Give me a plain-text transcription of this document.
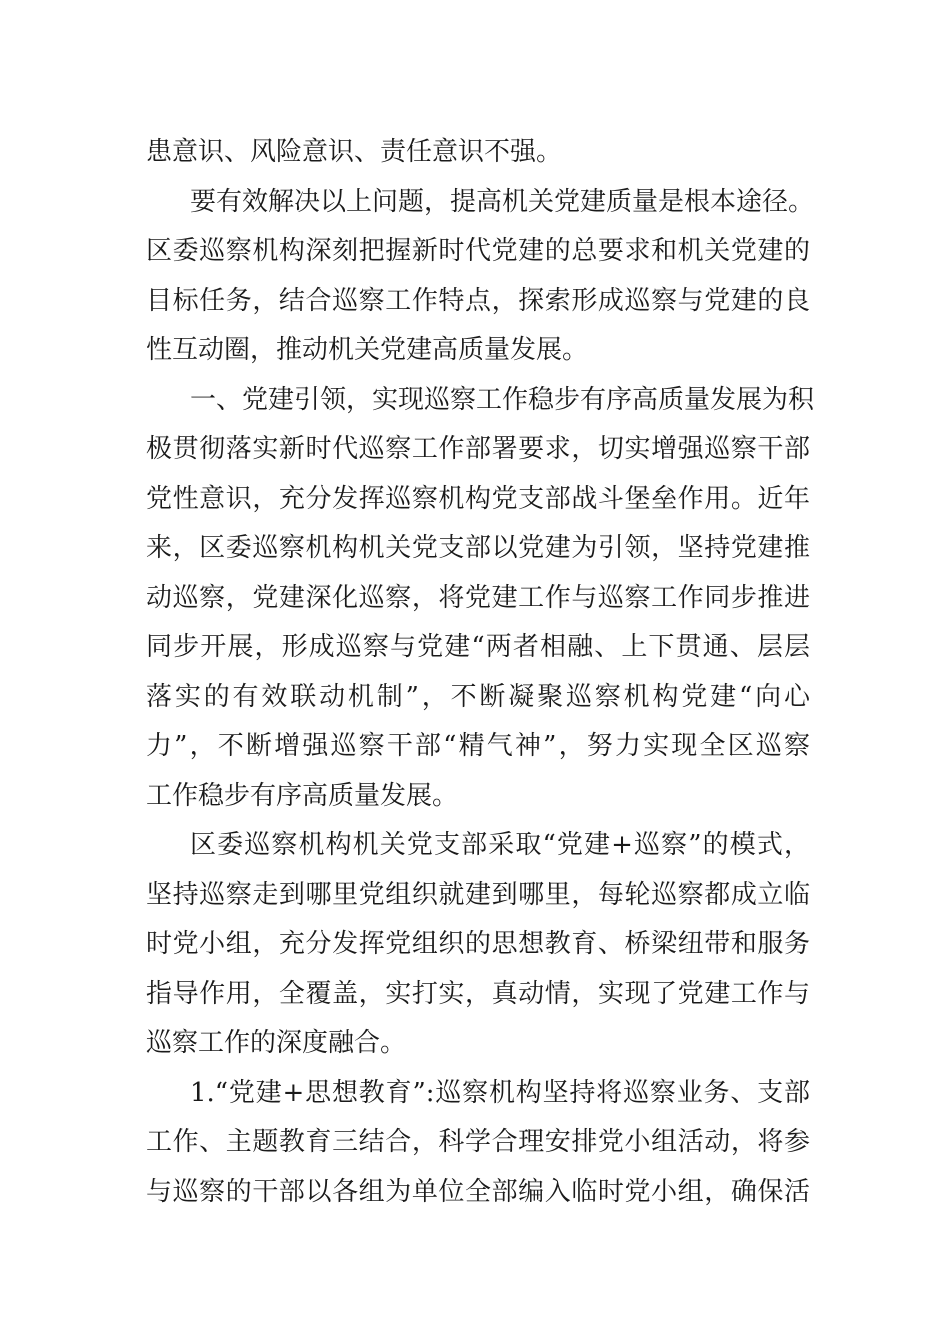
患意识、风险意识、责任意识不强。
要有效解决以上问题，提高机关党建质量是根本途径。
区委巡察机构深刻把握新时代党建的总要求和机关党建的
目标任务，结合巡察工作特点，探索形成巡察与党建的良
性互动圈，推动机关党建高质量发展。
一、党建引领，实现巡察工作稳步有序高质量发展为积
极贯彻落实新时代巡察工作部署要求，切实增强巡察干部
党性意识，充分发挥巡察机构党支部战斗堡垒作用。近年
来，区委巡察机构机关党支部以党建为引领，坚持党建推
动巡察，党建深化巡察，将党建工作与巡察工作同步推进
同步开展，形成巡察与党建“两者相融、上下贯通、层层
落实的有效联动机制”，不断凝聚巡察机构党建“向心
力”，不断增强巡察干部“精气神”，努力实现全区巡察
工作稳步有序高质量发展。
区委巡察机构机关党支部采取“党建+巡察”的模式，
坚持巡察走到哪里党组织就建到哪里，每轮巡察都成立临
时党小组，充分发挥党组织的思想教育、桥梁纽带和服务
指导作用，全覆盖，实打实，真动情，实现了党建工作与
巡察工作的深度融合。
1.“党建+思想教育”:巡察机构坚持将巡察业务、支部
工作、主题教育三结合，科学合理安排党小组活动，将参
与巡察的干部以各组为单位全部编入临时党小组，确保活
